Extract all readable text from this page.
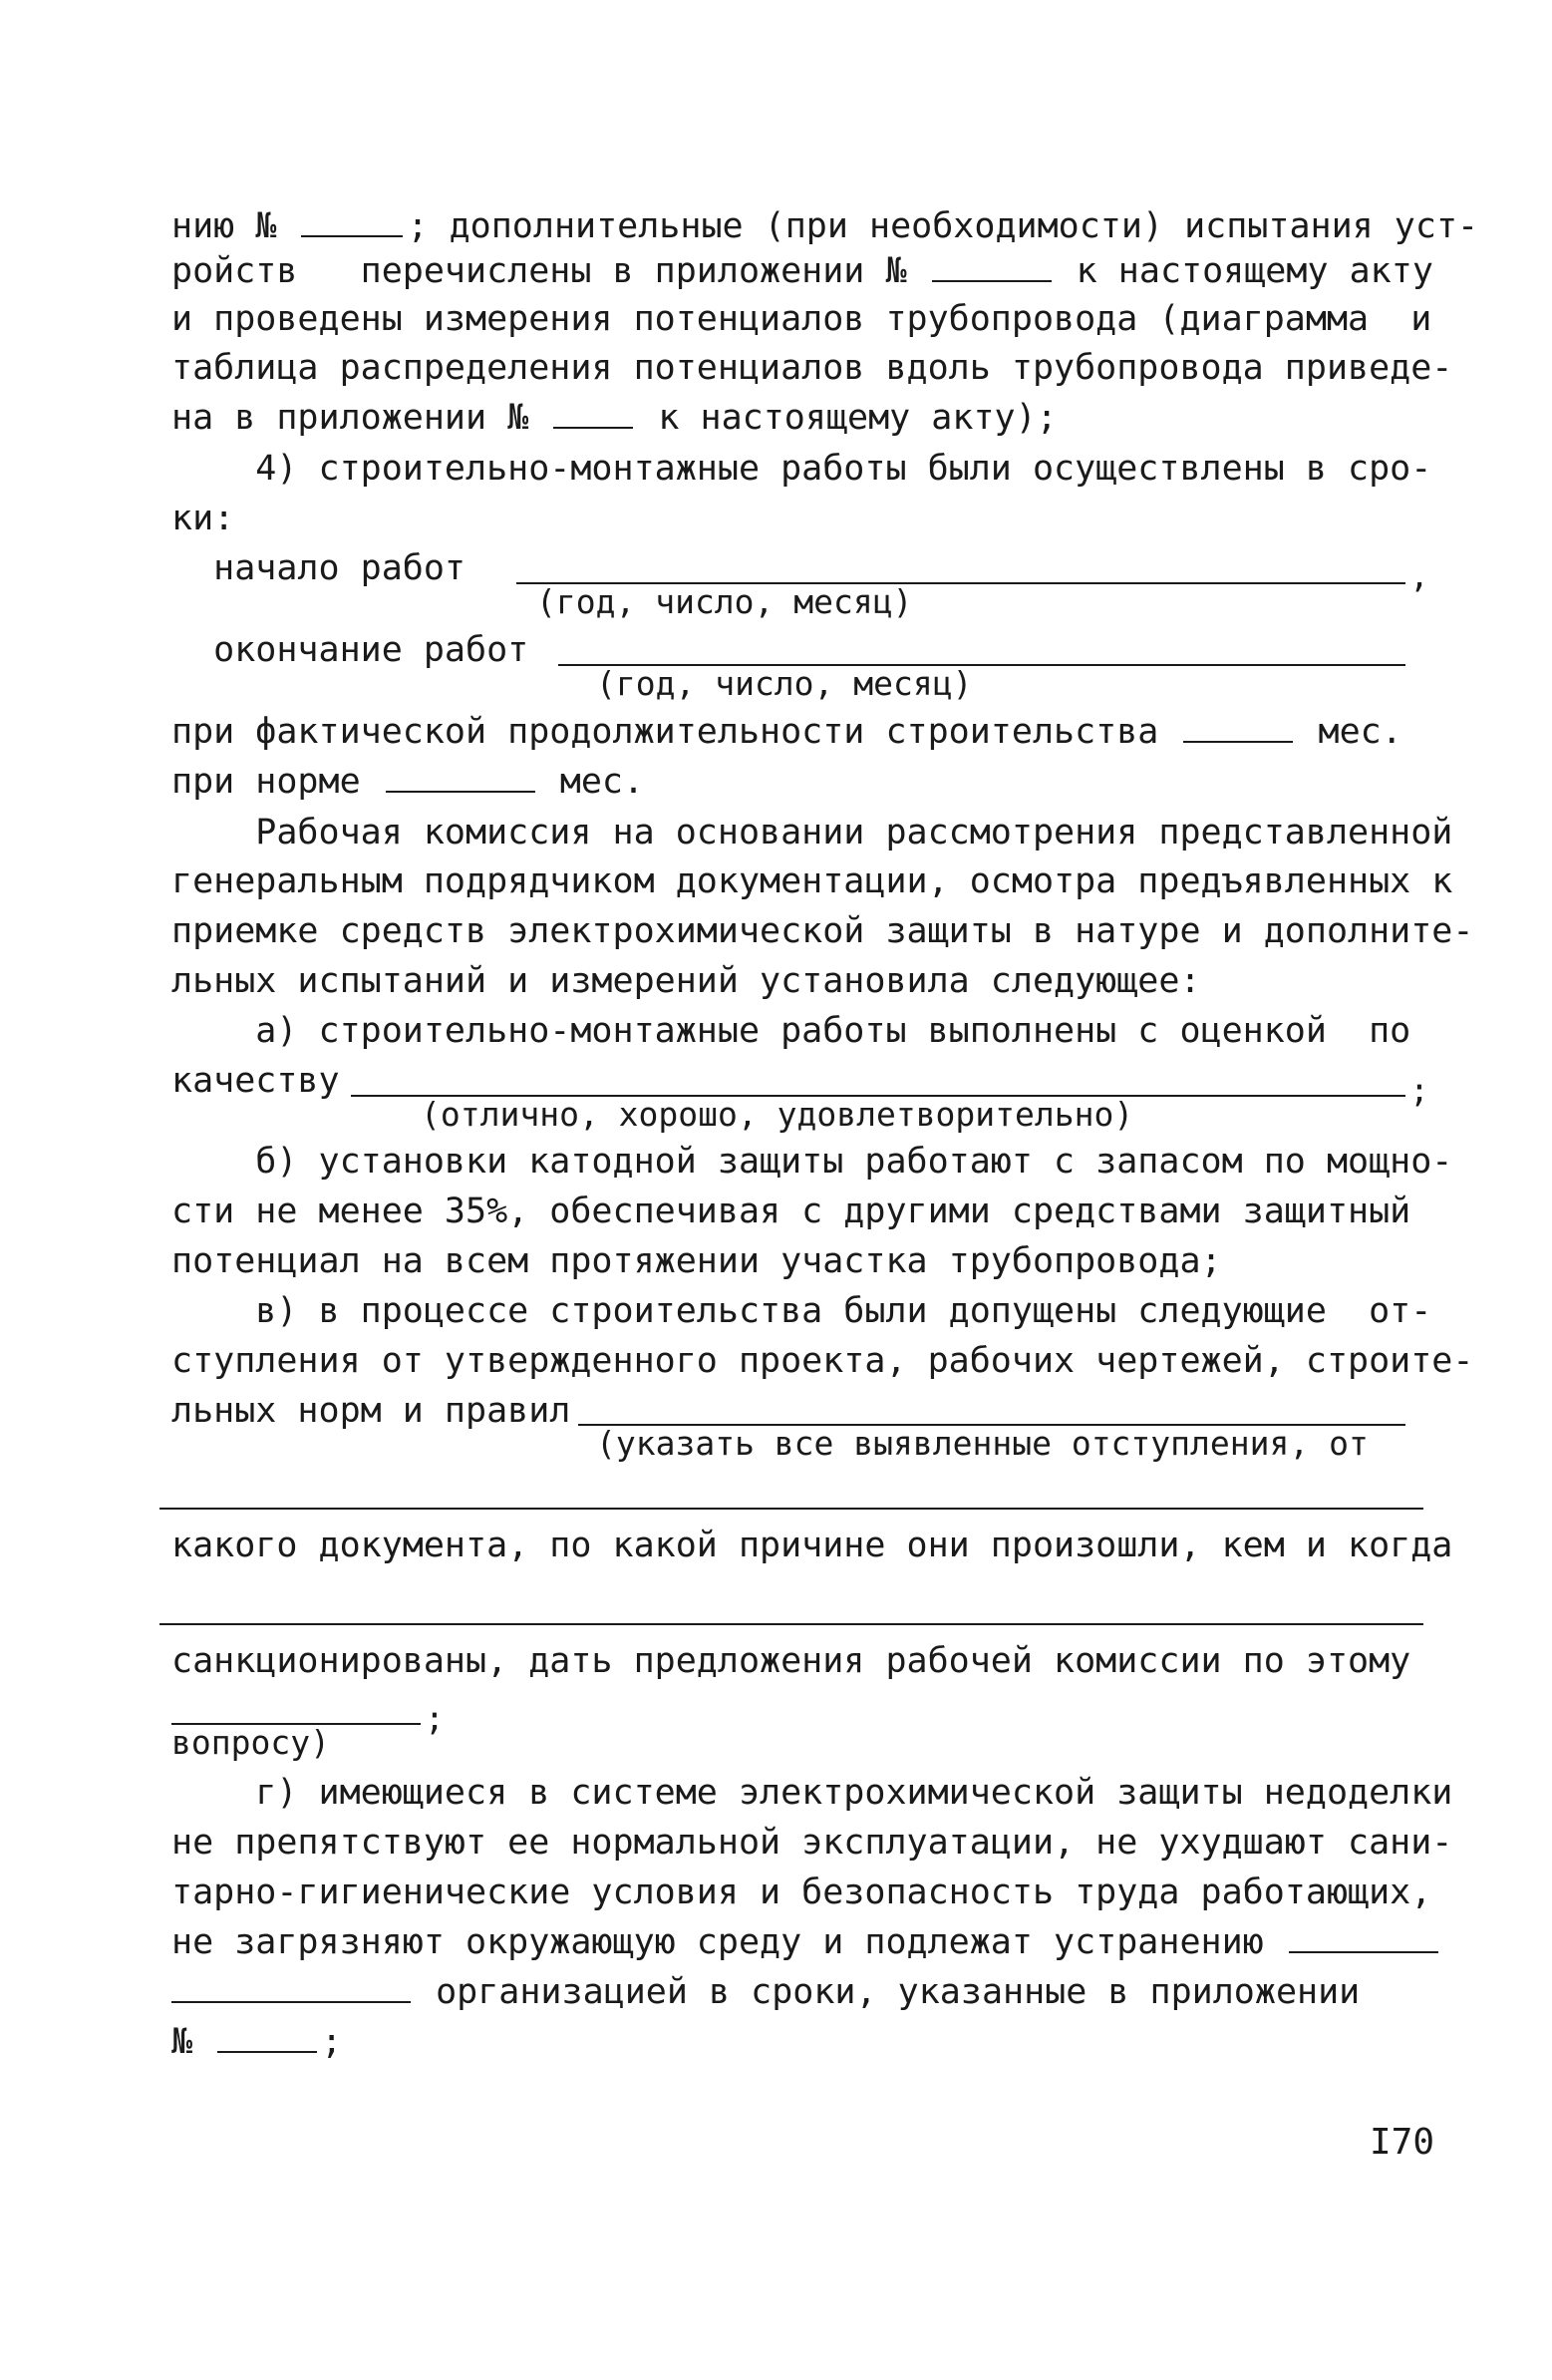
нию №	; дополнительные (при необходимости) испытания уст-
ройств   перечислены в приложении №	к настоящему акту
и проведены измерения потенциалов трубопровода (диаграмма  и
таблица распределения потенциалов вдоль трубопровода приведе-
на в приложении №	к настоящему акту);
4) строительно-монтажные работы были осуществлены в сро-
ки:
начало работ	,
(год, число, месяц)
окончание работ
(год, число, месяц)
при фактической продолжительности строительства	мес.
при норме	мес.
Рабочая комиссия на основании рассмотрения представленной
генеральным подрядчиком документации, осмотра предъявленных к
приемке средств электрохимической защиты в натуре и дополните-
льных испытаний и измерений установила следующее:
а) строительно-монтажные работы выполнены с оценкой  по
качеству	;
(отлично, хорошо, удовлетворительно)
б) установки катодной защиты работают с запасом по мощно-
сти не менее 35%, обеспечивая с другими средствами защитный
потенциал на всем протяжении участка трубопровода;
в) в процессе строительства были допущены следующие  от-
ступления от утвержденного проекта, рабочих чертежей, строите-
льных норм и правил
(указать все выявленные отступления, от
какого документа, по какой причине они произошли, кем и когда
санкционированы, дать предложения рабочей комиссии по этому
;
вопросу)
г) имеющиеся в системе электрохимической защиты недоделки
не препятствуют ее нормальной эксплуатации, не ухудшают сани-
тарно-гигиенические условия и безопасность труда работающих,
не загрязняют окружающую среду и подлежат устранению
организацией в сроки, указанные в приложении
№	;
I70
